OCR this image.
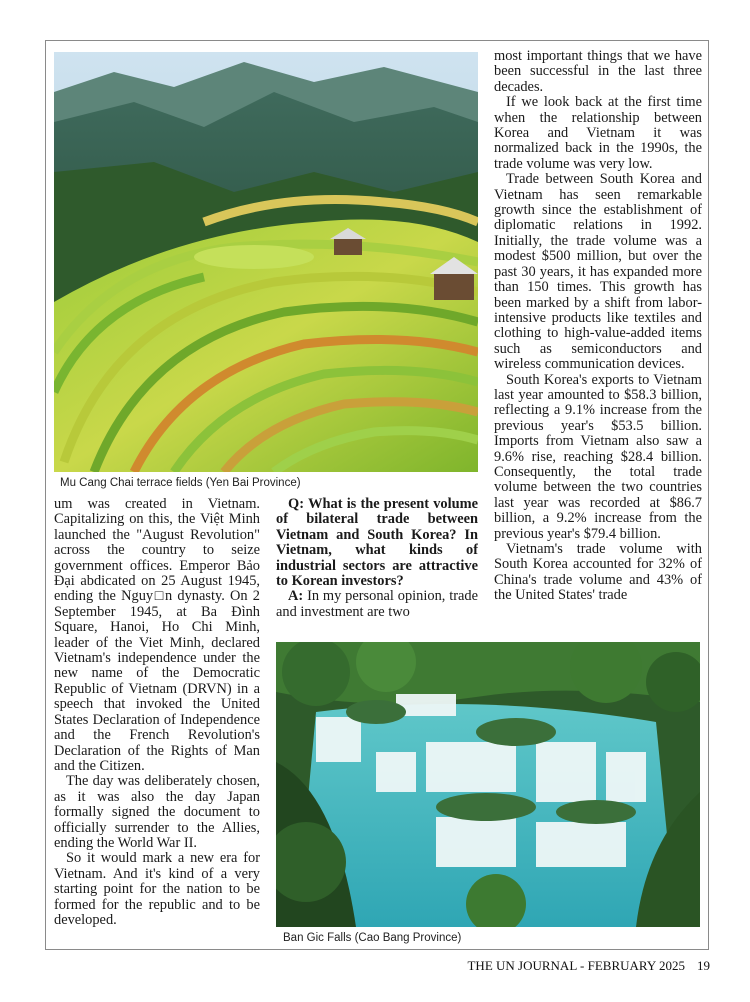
Mu Cang Chai terrace fields (Yen Bai Province)

um was created in Vietnam. Capitalizing on this, the Việt Minh launched the "August Revolution" across the country to seize government offices. Emperor Bảo Đại abdicated on 25 August 1945, ending the Nguy□n dynasty. On 2 September 1945, at Ba Đình Square, Hanoi, Ho Chi Minh, leader of the Viet Minh, declared Vietnam's independence under the new name of the Democratic Republic of Vietnam (DRVN) in a speech that invoked the United States Declaration of Independence and the French Revolution's Declaration of the Rights of Man and the Citizen.

The day was deliberately chosen, as it was also the day Japan formally signed the document to officially surrender to the Allies, ending the World War II.

So it would mark a new era for Vietnam. And it's kind of a very starting point for the nation to be formed for the republic and to be developed.

Q: What is the present volume of bilateral trade between Vietnam and South Korea? In Vietnam, what kinds of industrial sectors are attractive to Korean investors?

A: In my personal opinion, trade and investment are two

most important things that we have been successful in the last three decades.

If we look back at the first time when the relationship between Korea and Vietnam it was normalized back in the 1990s, the trade volume was very low.

Trade between South Korea and Vietnam has seen remarkable growth since the establishment of diplomatic relations in 1992. Initially, the trade volume was a modest $500 million, but over the past 30 years, it has expanded more than 150 times. This growth has been marked by a shift from labor-intensive products like textiles and clothing to high-value-added items such as semiconductors and wireless communication devices.

South Korea's exports to Vietnam last year amounted to $58.3 billion, reflecting a 9.1% increase from the previous year's $53.5 billion. Imports from Vietnam also saw a 9.6% rise, reaching $28.4 billion. Consequently, the total trade volume between the two countries last year was recorded at $86.7 billion, a 9.2% increase from the previous year's $79.4 billion.

Vietnam's trade volume with South Korea accounted for 32% of China's trade volume and 43% of the United States' trade

Ban Gic Falls (Cao Bang Province)
THE UN JOURNAL - FEBRUARY 2025 19
